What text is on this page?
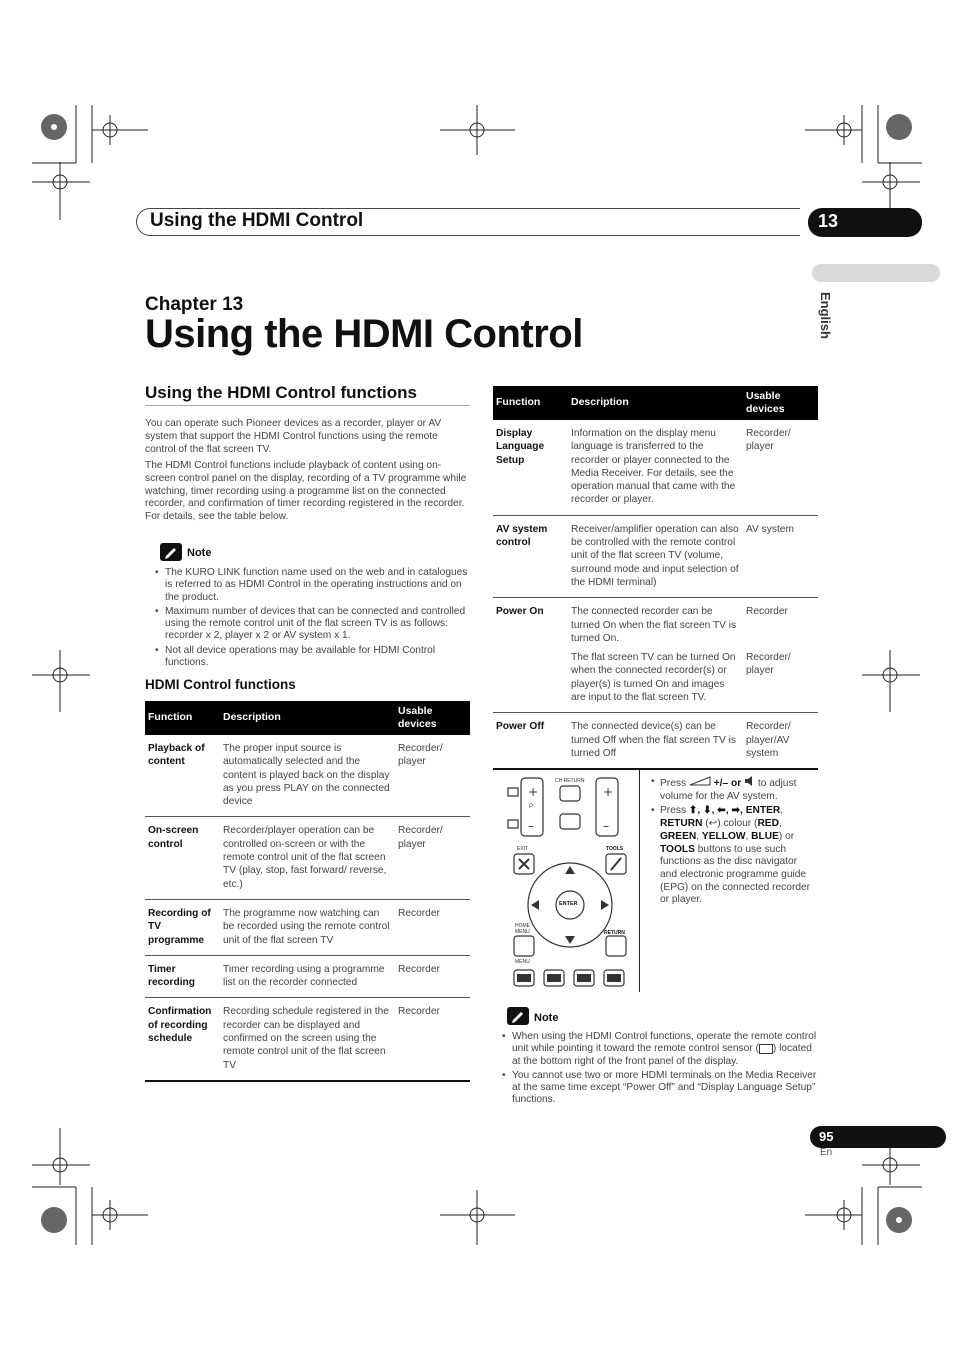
Using the HDMI Control	13
English
Chapter 13
Using the HDMI Control
Using the HDMI Control functions

You can operate such Pioneer devices as a recorder, player or AV system that support the HDMI Control functions using the remote control of the flat screen TV.

The HDMI Control functions include playback of content using on-screen control panel on the display, recording of a TV programme while watching, timer recording using a programme list on the connected recorder, and confirmation of timer recording registered in the recorder. For details, see the table below.

Note
• The KURO LINK function name used on the web and in catalogues is referred to as HDMI Control in the operating instructions and on the product.
• Maximum number of devices that can be connected and controlled using the remote control unit of the flat screen TV is as follows: recorder x 2, player x 2 or AV system x 1.
• Not all device operations may be available for HDMI Control functions.
HDMI Control functions
Function	Description	Usable devices
Playback of content	The proper input source is automatically selected and the content is played back on the display as you press PLAY on the connected device	Recorder/ player
On-screen control	Recorder/player operation can be controlled on-screen or with the remote control unit of the flat screen TV (play, stop, fast forward/ reverse, etc.)	Recorder/ player
Recording of TV programme	The programme now watching can be recorded using the remote control unit of the flat screen TV	Recorder
Timer recording	Timer recording using a programme list on the recorder connected	Recorder
Confirmation of recording schedule	Recording schedule registered in the recorder can be displayed and confirmed on the screen using the remote control unit of the flat screen TV	Recorder
Function	Description	Usable devices
Display Language Setup	Information on the display menu language is transferred to the recorder or player connected to the Media Receiver. For details, see the operation manual that came with the recorder or player.	Recorder/ player
AV system control	Receiver/amplifier operation can also be controlled with the remote control unit of the flat screen TV (volume, surround mode and input selection of the HDMI terminal)	AV system
Power On	The connected recorder can be turned On when the flat screen TV is turned On.	Recorder
	The flat screen TV can be turned On when the connected recorder(s) or player(s) is turned On and images are input to the flat screen TV.	Recorder/ player
Power Off	The connected device(s) can be turned Off when the flat screen TV is turned Off	Recorder/ player/AV system
+
–
+
–
CH RETURN
P
EXIT	TOOLS
ENTER
HOME MENU	RETURN
MENU
• Press	+/– or to adjust volume for the AV system.
• Press ⬆, ⬇, ⬅, ➡, ENTER, RETURN (↩) colour (RED, GREEN, YELLOW, BLUE) or TOOLS buttons to use such functions as the disc navigator and electronic programme guide (EPG) on the connected recorder or player.
Note
• When using the HDMI Control functions, operate the remote control unit while pointing it toward the remote control sensor ( ) located at the bottom right of the front panel of the display.
• You cannot use two or more HDMI terminals on the Media Receiver at the same time except “Power Off” and “Display Language Setup” functions.
95
En
